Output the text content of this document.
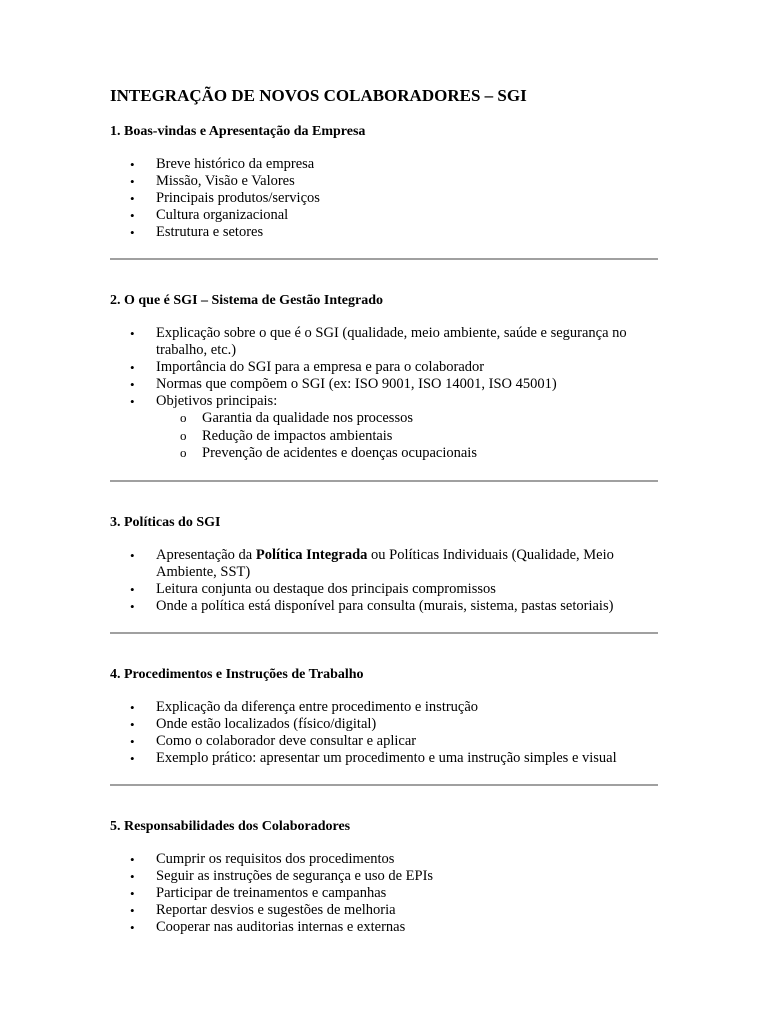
INTEGRAÇÃO DE NOVOS COLABORADORES – SGI
1. Boas-vindas e Apresentação da Empresa
• Breve histórico da empresa
• Missão, Visão e Valores
• Principais produtos/serviços
• Cultura organizacional
• Estrutura e setores
2. O que é SGI – Sistema de Gestão Integrado
• Explicação sobre o que é o SGI (qualidade, meio ambiente, saúde e segurança no trabalho, etc.)
• Importância do SGI para a empresa e para o colaborador
• Normas que compõem o SGI (ex: ISO 9001, ISO 14001, ISO 45001)
• Objetivos principais:
o Garantia da qualidade nos processos
o Redução de impactos ambientais
o Prevenção de acidentes e doenças ocupacionais
3. Políticas do SGI
• Apresentação da Política Integrada ou Políticas Individuais (Qualidade, Meio Ambiente, SST)
• Leitura conjunta ou destaque dos principais compromissos
• Onde a política está disponível para consulta (murais, sistema, pastas setoriais)
4. Procedimentos e Instruções de Trabalho
• Explicação da diferença entre procedimento e instrução
• Onde estão localizados (físico/digital)
• Como o colaborador deve consultar e aplicar
• Exemplo prático: apresentar um procedimento e uma instrução simples e visual
5. Responsabilidades dos Colaboradores
• Cumprir os requisitos dos procedimentos
• Seguir as instruções de segurança e uso de EPIs
• Participar de treinamentos e campanhas
• Reportar desvios e sugestões de melhoria
• Cooperar nas auditorias internas e externas
